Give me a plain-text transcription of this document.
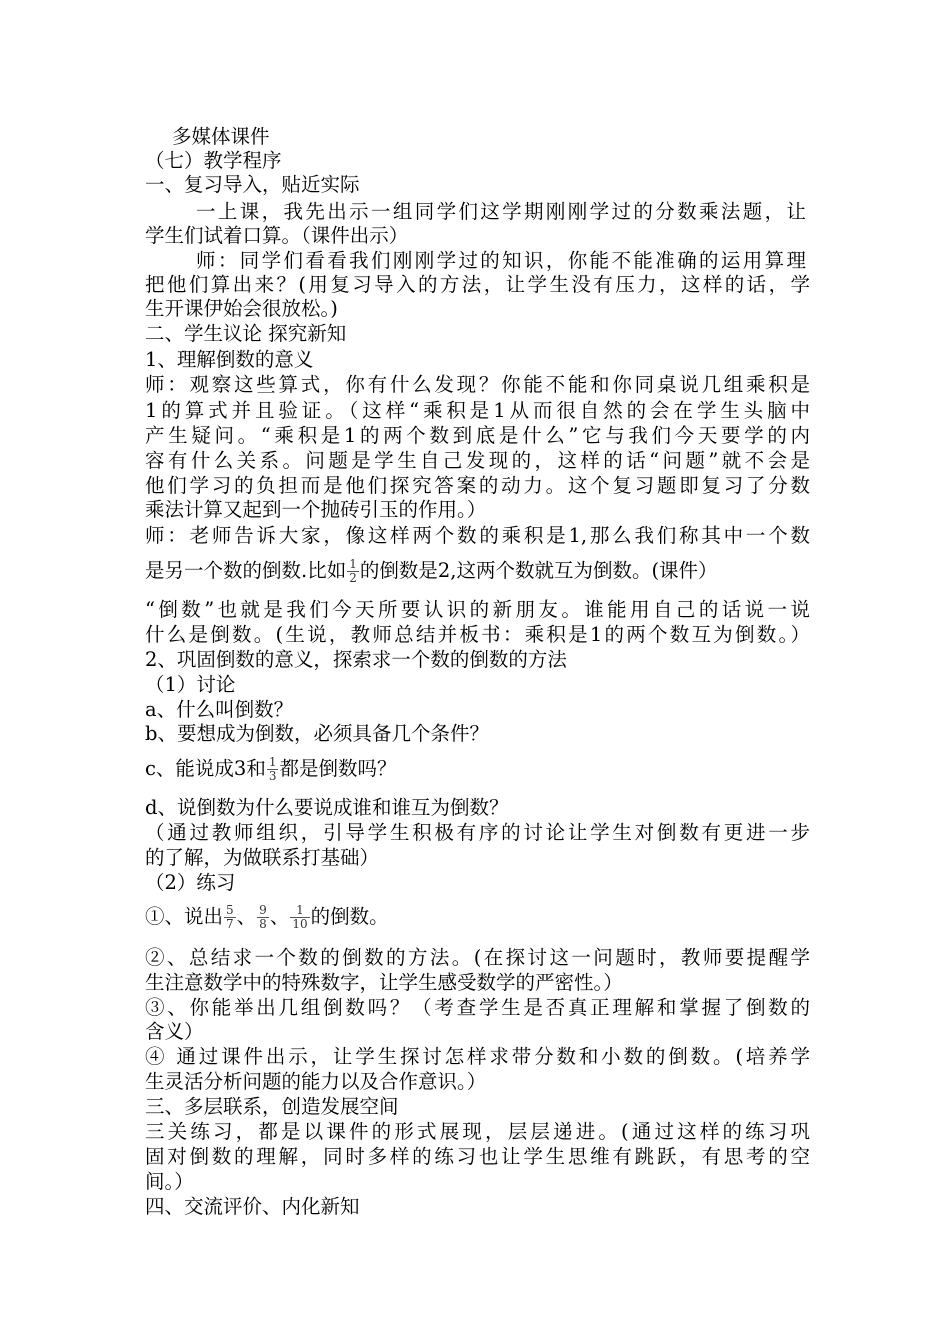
多媒体课件
（七）教学程序
一、复习导入，贴近实际
一上课，我先出示一组同学们这学期刚刚学过的分数乘法题，让
学生们试着口算。（课件出示）
师：同学们看看我们刚刚学过的知识，你能不能准确的运用算理
把他们算出来？(用复习导入的方法，让学生没有压力，这样的话，学
生开课伊始会很放松。)
二、学生议论 探究新知
1、理解倒数的意义
师：观察这些算式，你有什么发现？你能不能和你同桌说几组乘积是
1的算式并且验证。（这样“乘积是1从而很自然的会在学生头脑中
产生疑问。“乘积是1的两个数到底是什么”它与我们今天要学的内
容有什么关系。问题是学生自己发现的，这样的话“问题”就不会是
他们学习的负担而是他们探究答案的动力。这个复习题即复习了分数
乘法计算又起到一个抛砖引玉的作用。）
师：老师告诉大家，像这样两个数的乘积是1,那么我们称其中一个数
是另一个数的倒数.比如 $\frac{1}{2}$ 的倒数是2,这两个数就互为倒数。(课件）
“倒数”也就是我们今天所要认识的新朋友。谁能用自己的话说一说
什么是倒数。(生说，教师总结并板书：乘积是1的两个数互为倒数。）
2、巩固倒数的意义，探索求一个数的倒数的方法
（1）讨论
a、什么叫倒数？
b、要想成为倒数，必须具备几个条件？
c、能说成3和 $\frac{1}{3}$ 都是倒数吗？
d、说倒数为什么要说成谁和谁互为倒数？
（通过教师组织，引导学生积极有序的讨论让学生对倒数有更进一步
的了解，为做联系打基础）
（2）练习
①、说出 $\frac{5}{7}$ 、 $\frac{9}{8}$ 、 $\frac{1}{10}$ 的倒数。
②、总结求一个数的倒数的方法。(在探讨这一问题时，教师要提醒学
生注意数学中的特殊数字，让学生感受数学的严密性。）
③、你能举出几组倒数吗？（考查学生是否真正理解和掌握了倒数的
含义）
④ 通过课件出示，让学生探讨怎样求带分数和小数的倒数。(培养学
生灵活分析问题的能力以及合作意识。）
三、多层联系，创造发展空间
三关练习，都是以课件的形式展现，层层递进。(通过这样的练习巩
固对倒数的理解，同时多样的练习也让学生思维有跳跃，有思考的空
间。）
四、交流评价、内化新知
